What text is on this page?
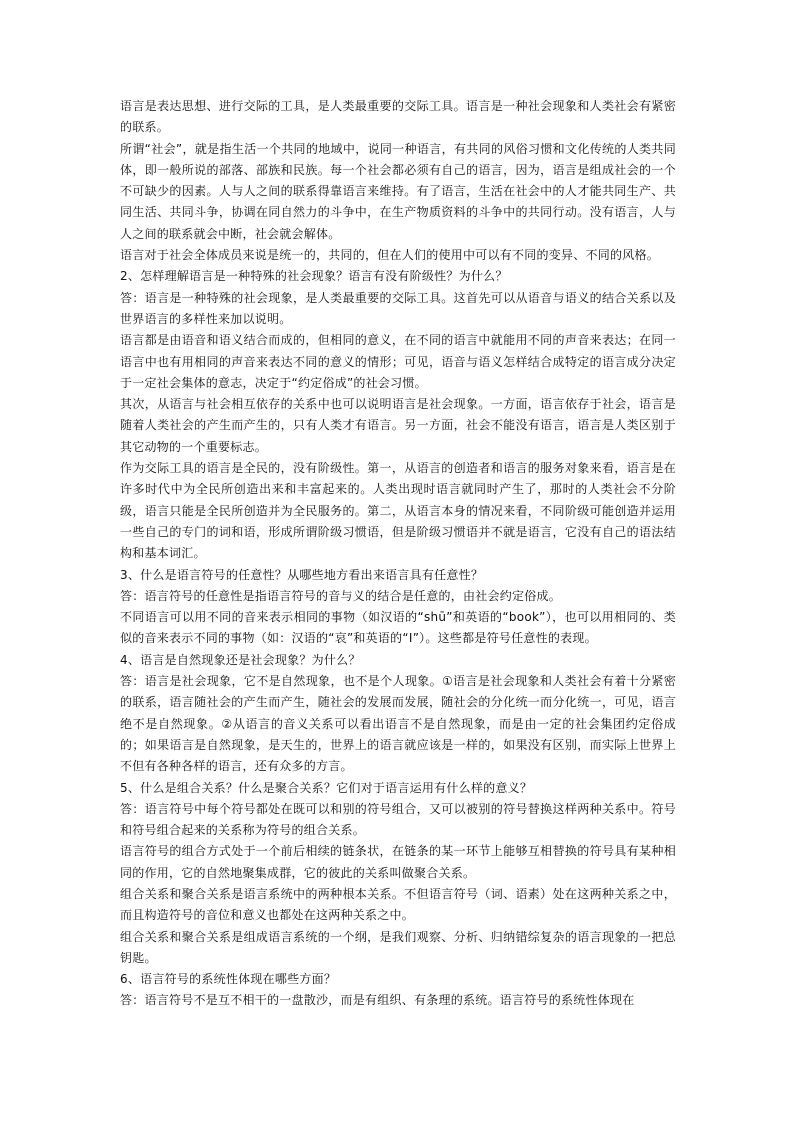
语言是表达思想、进行交际的工具，是人类最重要的交际工具。语言是一种社会现象和人类社会有紧密的联系。

所谓“社会”，就是指生活一个共同的地域中，说同一种语言，有共同的风俗习惯和文化传统的人类共同体，即一般所说的部落、部族和民族。每一个社会都必须有自己的语言，因为，语言是组成社会的一个不可缺少的因素。人与人之间的联系得靠语言来维持。有了语言，生活在社会中的人才能共同生产、共同生活、共同斗争，协调在同自然力的斗争中，在生产物质资料的斗争中的共同行动。没有语言，人与人之间的联系就会中断，社会就会解体。

语言对于社会全体成员来说是统一的，共同的，但在人们的使用中可以有不同的变异、不同的风格。

2、怎样理解语言是一种特殊的社会现象？语言有没有阶级性？为什么？

答：语言是一种特殊的社会现象，是人类最重要的交际工具。这首先可以从语音与语义的结合关系以及世界语言的多样性来加以说明。

语言都是由语音和语义结合而成的，但相同的意义，在不同的语言中就能用不同的声音来表达；在同一语言中也有用相同的声音来表达不同的意义的情形；可见，语音与语义怎样结合成特定的语言成分决定于一定社会集体的意志，决定于“约定俗成”的社会习惯。

其次，从语言与社会相互依存的关系中也可以说明语言是社会现象。一方面，语言依存于社会，语言是随着人类社会的产生而产生的，只有人类才有语言。另一方面，社会不能没有语言，语言是人类区别于其它动物的一个重要标志。

作为交际工具的语言是全民的，没有阶级性。第一，从语言的创造者和语言的服务对象来看，语言是在许多时代中为全民所创造出来和丰富起来的。人类出现时语言就同时产生了，那时的人类社会不分阶级，语言只能是全民所创造并为全民服务的。第二，从语言本身的情况来看，不同阶级可能创造并运用一些自己的专门的词和语，形成所谓阶级习惯语，但是阶级习惯语并不就是语言，它没有自己的语法结构和基本词汇。

3、什么是语言符号的任意性？从哪些地方看出来语言具有任意性？

答：语言符号的任意性是指语言符号的音与义的结合是任意的，由社会约定俗成。

不同语言可以用不同的音来表示相同的事物（如汉语的“shū”和英语的“book”），也可以用相同的、类似的音来表示不同的事物（如：汉语的“哀”和英语的“I”）。这些都是符号任意性的表现。

4、语言是自然现象还是社会现象？为什么？

答：语言是社会现象，它不是自然现象，也不是个人现象。①语言是社会现象和人类社会有着十分紧密的联系，语言随社会的产生而产生，随社会的发展而发展，随社会的分化统一而分化统一，可见，语言绝不是自然现象。②从语言的音义关系可以看出语言不是自然现象，而是由一定的社会集团约定俗成的；如果语言是自然现象，是天生的，世界上的语言就应该是一样的，如果没有区别，而实际上世界上不但有各种各样的语言，还有众多的方言。

5、什么是组合关系？什么是聚合关系？它们对于语言运用有什么样的意义？

答：语言符号中每个符号都处在既可以和别的符号组合，又可以被别的符号替换这样两种关系中。符号和符号组合起来的关系称为符号的组合关系。

语言符号的组合方式处于一个前后相续的链条状，在链条的某一环节上能够互相替换的符号具有某种相同的作用，它的自然地聚集成群，它的彼此的关系叫做聚合关系。

组合关系和聚合关系是语言系统中的两种根本关系。不但语言符号（词、语素）处在这两种关系之中，而且构造符号的音位和意义也都处在这两种关系之中。

组合关系和聚合关系是组成语言系统的一个纲，是我们观察、分析、归纳错综复杂的语言现象的一把总钥匙。

6、语言符号的系统性体现在哪些方面？

答：语言符号不是互不相干的一盘散沙，而是有组织、有条理的系统。语言符号的系统性体现在
